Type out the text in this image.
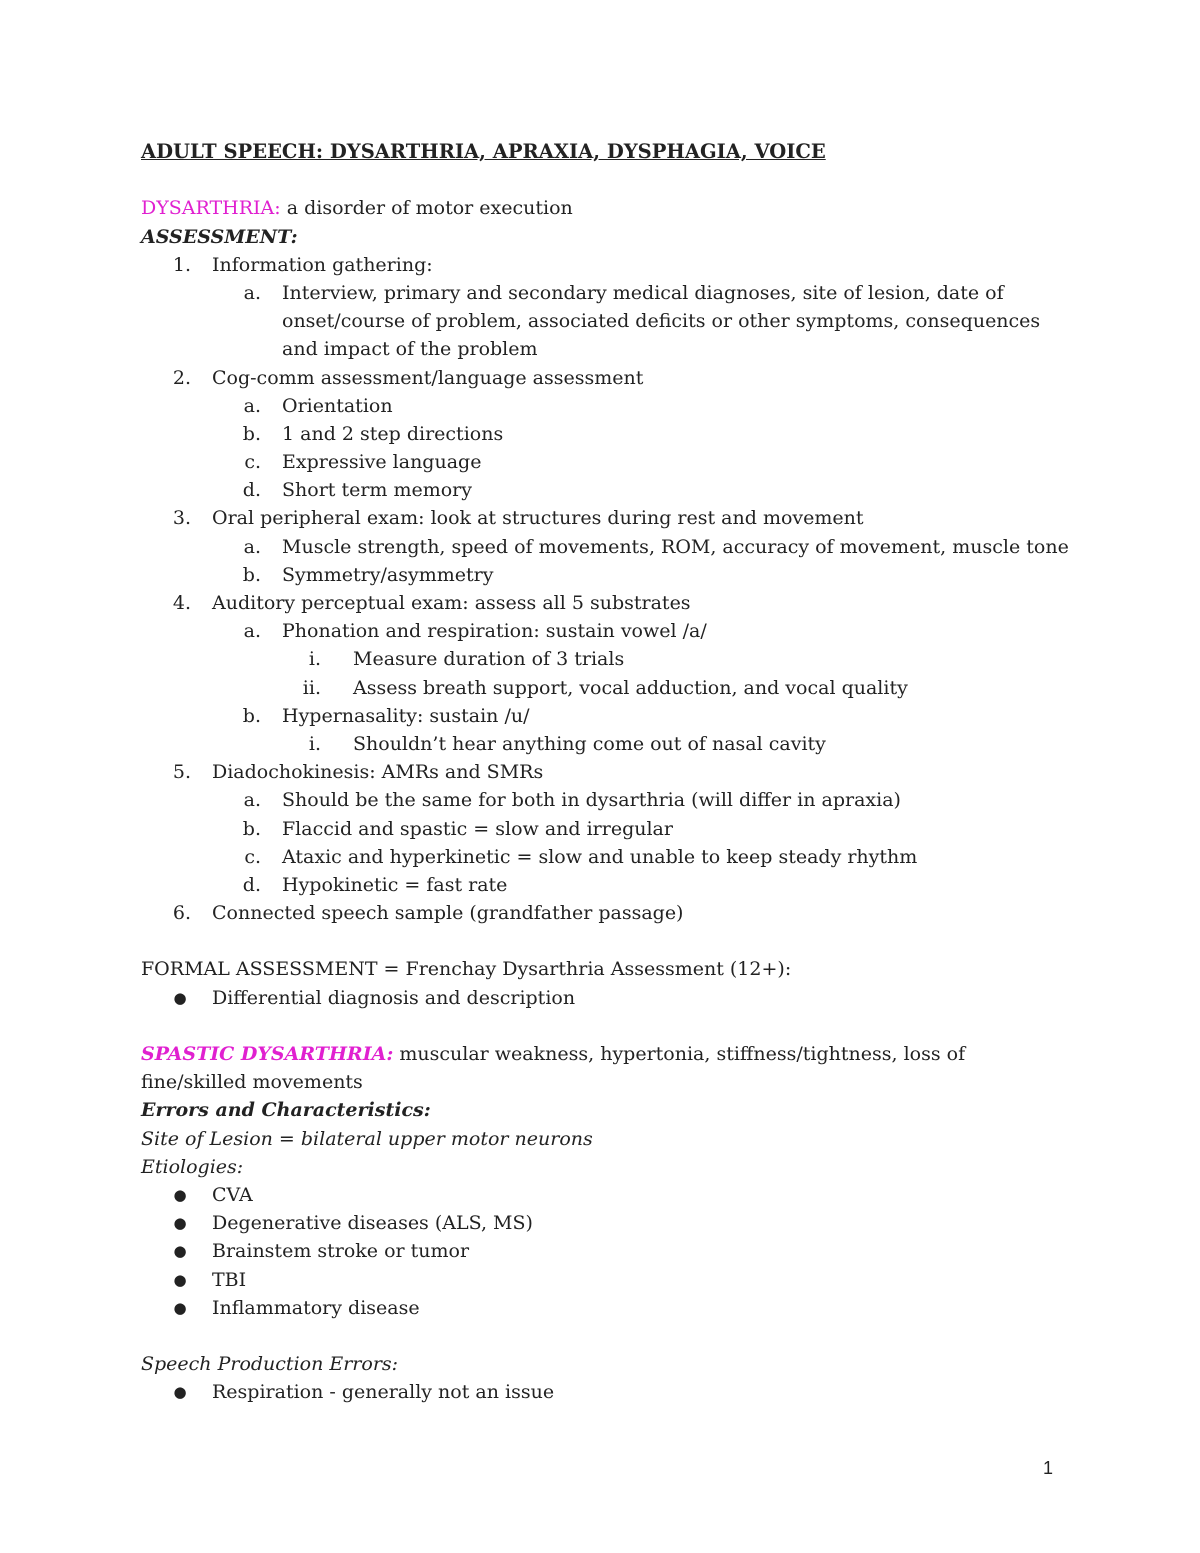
ADULT SPEECH: DYSARTHRIA, APRAXIA, DYSPHAGIA, VOICE
DYSARTHRIA: a disorder of motor execution
ASSESSMENT:
1. Information gathering:
a. Interview, primary and secondary medical diagnoses, site of lesion, date of
onset/course of problem, associated deficits or other symptoms, consequences
and impact of the problem
2. Cog-comm assessment/language assessment
a. Orientation
b. 1 and 2 step directions
c. Expressive language
d. Short term memory
3. Oral peripheral exam: look at structures during rest and movement
a. Muscle strength, speed of movements, ROM, accuracy of movement, muscle tone
b. Symmetry/asymmetry
4. Auditory perceptual exam: assess all 5 substrates
a. Phonation and respiration: sustain vowel /a/
i. Measure duration of 3 trials
ii. Assess breath support, vocal adduction, and vocal quality
b. Hypernasality: sustain /u/
i. Shouldn’t hear anything come out of nasal cavity
5. Diadochokinesis: AMRs and SMRs
a. Should be the same for both in dysarthria (will differ in apraxia)
b. Flaccid and spastic = slow and irregular
c. Ataxic and hyperkinetic = slow and unable to keep steady rhythm
d. Hypokinetic = fast rate
6. Connected speech sample (grandfather passage)
FORMAL ASSESSMENT = Frenchay Dysarthria Assessment (12+):
● Differential diagnosis and description
SPASTIC DYSARTHRIA: muscular weakness, hypertonia, stiffness/tightness, loss of
fine/skilled movements
Errors and Characteristics:
Site of Lesion = bilateral upper motor neurons
Etiologies:
● CVA
● Degenerative diseases (ALS, MS)
● Brainstem stroke or tumor
● TBI
● Inflammatory disease
Speech Production Errors:
● Respiration - generally not an issue
1
